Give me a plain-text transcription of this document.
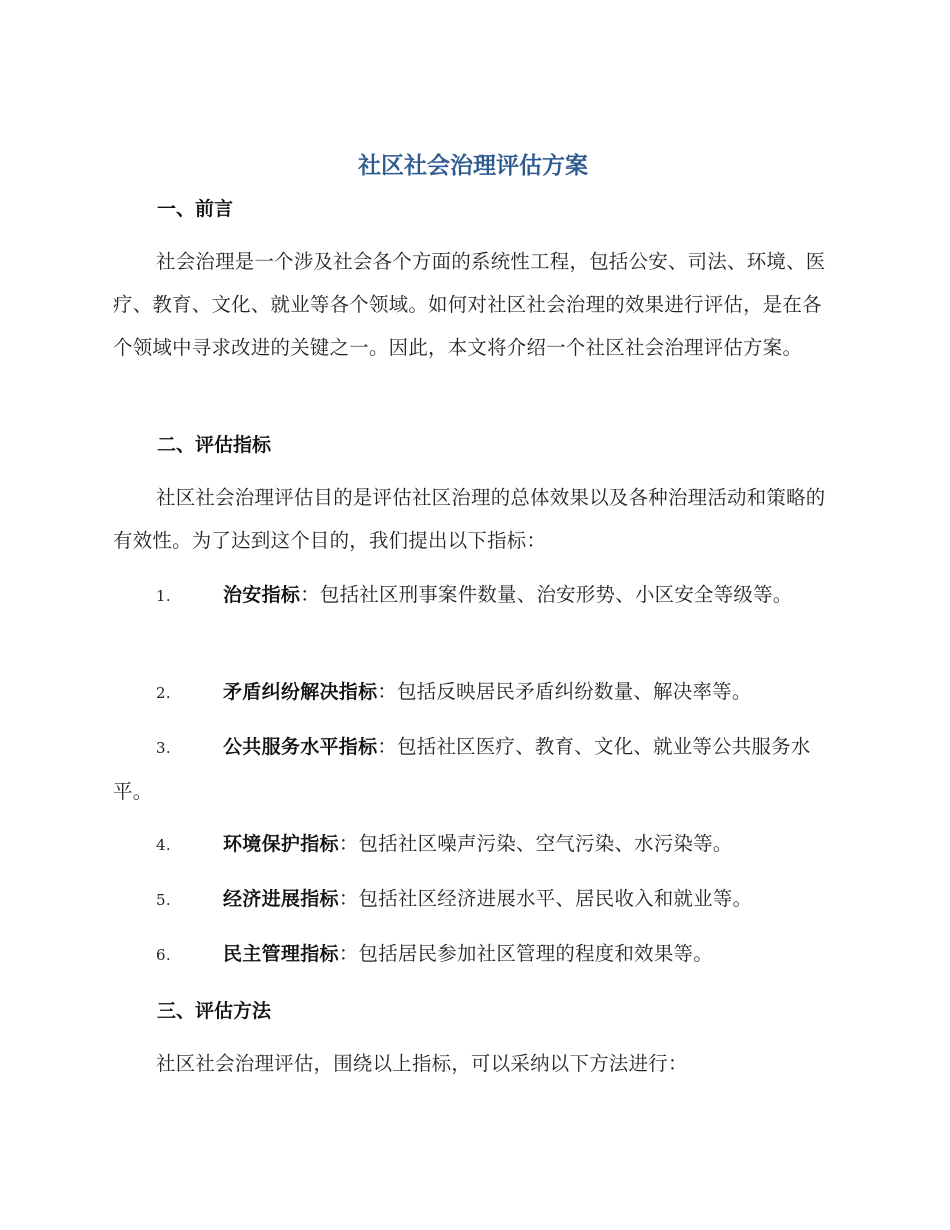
社区社会治理评估方案
一、前言

社会治理是一个涉及社会各个方面的系统性工程，包括公安、司法、环境、医疗、教育、文化、就业等各个领域。如何对社区社会治理的效果进行评估，是在各个领域中寻求改进的关键之一。因此，本文将介绍一个社区社会治理评估方案。

二、评估指标

社区社会治理评估目的是评估社区治理的总体效果以及各种治理活动和策略的有效性。为了达到这个目的，我们提出以下指标：

1.	治安指标：包括社区刑事案件数量、治安形势、小区安全等级等。

2.	矛盾纠纷解决指标：包括反映居民矛盾纠纷数量、解决率等。

3.	公共服务水平指标：包括社区医疗、教育、文化、就业等公共服务水平。

4.	环境保护指标：包括社区噪声污染、空气污染、水污染等。

5.	经济进展指标：包括社区经济进展水平、居民收入和就业等。

6.	民主管理指标：包括居民参加社区管理的程度和效果等。

三、评估方法

社区社会治理评估，围绕以上指标，可以采纳以下方法进行：
